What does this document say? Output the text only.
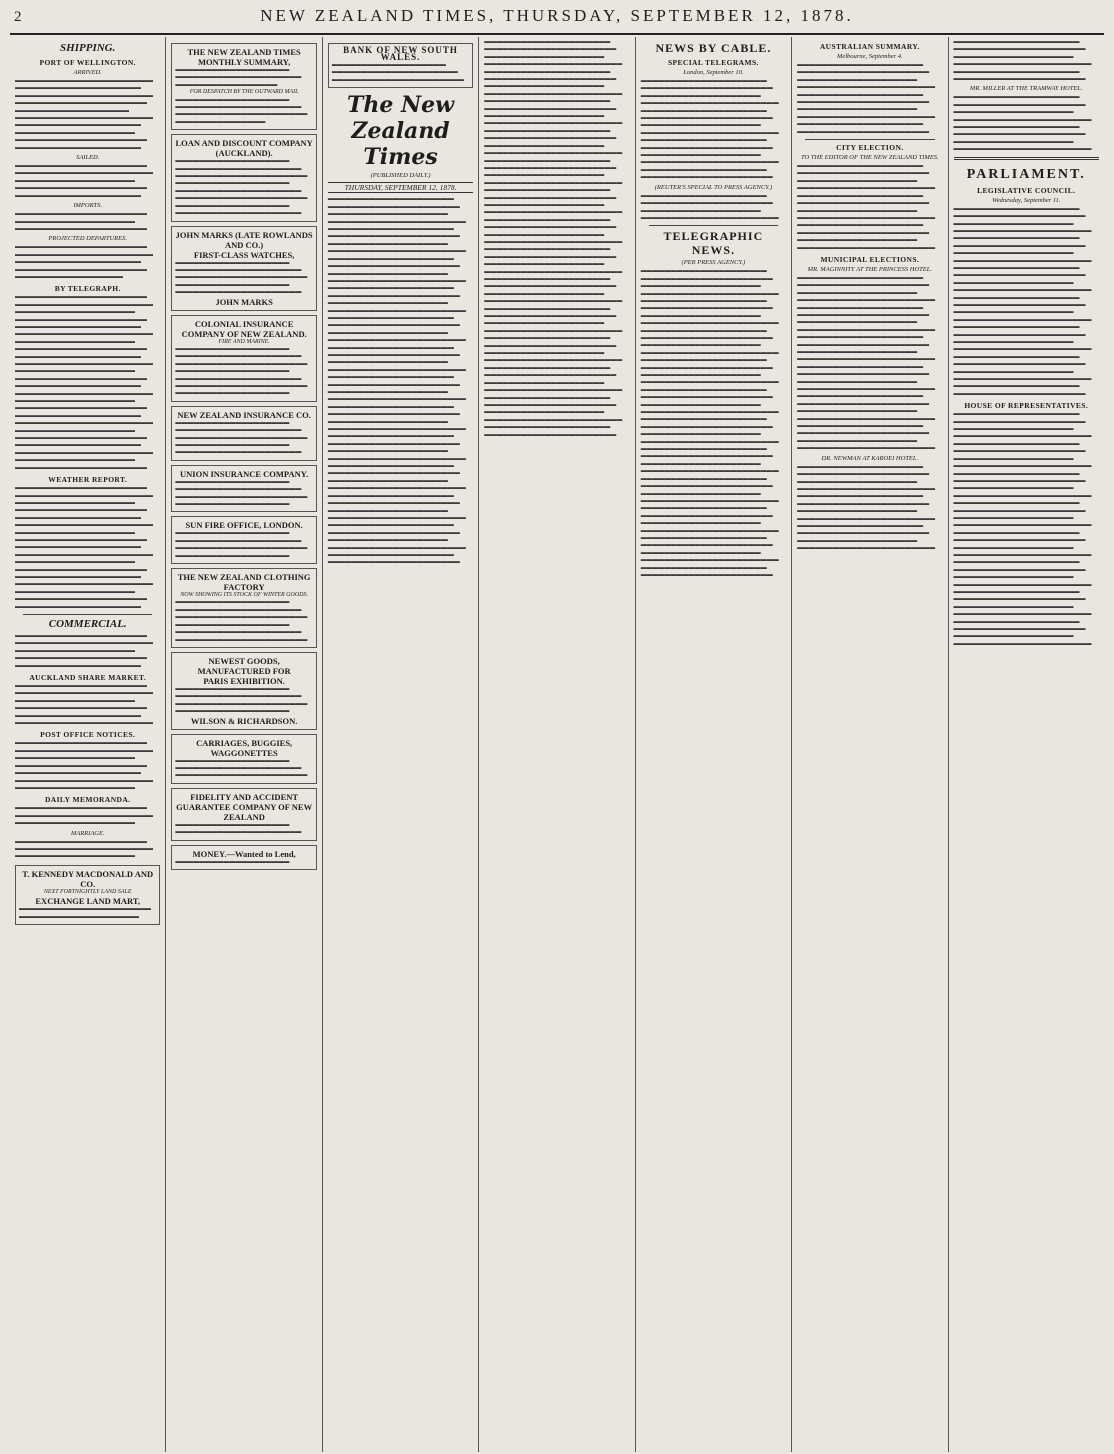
2	NEW ZEALAND TIMES, THURSDAY, SEPTEMBER 12, 1878.
SHIPPING.
PORT OF WELLINGTON.
ARRIVED.
▬▬▬▬▬▬▬▬▬▬▬▬▬▬▬▬▬▬▬▬▬▬▬ ▬▬▬▬▬▬▬▬▬▬▬▬▬▬▬▬▬▬▬▬▬ ▬▬▬▬▬▬▬▬▬▬▬▬▬▬▬▬▬▬▬▬▬▬▬ ▬▬▬▬▬▬▬▬▬▬▬▬▬▬▬▬▬▬▬▬▬▬ ▬▬▬▬▬▬▬▬▬▬▬▬▬▬▬▬▬▬▬ ▬▬▬▬▬▬▬▬▬▬▬▬▬▬▬▬▬▬▬▬▬▬▬ ▬▬▬▬▬▬▬▬▬▬▬▬▬▬▬▬▬▬▬▬▬ ▬▬▬▬▬▬▬▬▬▬▬▬▬▬▬▬▬▬▬▬ ▬▬▬▬▬▬▬▬▬▬▬▬▬▬▬▬▬▬▬▬▬▬ ▬▬▬▬▬▬▬▬▬▬▬▬▬▬▬▬▬▬▬▬▬
SAILED.
▬▬▬▬▬▬▬▬▬▬▬▬▬▬▬▬▬▬▬▬▬▬ ▬▬▬▬▬▬▬▬▬▬▬▬▬▬▬▬▬▬▬▬▬▬▬ ▬▬▬▬▬▬▬▬▬▬▬▬▬▬▬▬▬▬▬▬ ▬▬▬▬▬▬▬▬▬▬▬▬▬▬▬▬▬▬▬▬▬▬ ▬▬▬▬▬▬▬▬▬▬▬▬▬▬▬▬▬▬▬▬▬
IMPORTS.
▬▬▬▬▬▬▬▬▬▬▬▬▬▬▬▬▬▬▬▬▬▬ ▬▬▬▬▬▬▬▬▬▬▬▬▬▬▬▬▬▬▬▬ ▬▬▬▬▬▬▬▬▬▬▬▬▬▬▬▬▬▬▬▬▬▬
PROJECTED DEPARTURES.
▬▬▬▬▬▬▬▬▬▬▬▬▬▬▬▬▬▬▬▬▬▬ ▬▬▬▬▬▬▬▬▬▬▬▬▬▬▬▬▬▬▬▬▬▬▬ ▬▬▬▬▬▬▬▬▬▬▬▬▬▬▬▬▬▬▬▬▬ ▬▬▬▬▬▬▬▬▬▬▬▬▬▬▬▬▬▬▬▬▬▬ ▬▬▬▬▬▬▬▬▬▬▬▬▬▬▬▬▬▬
BY TELEGRAPH.
▬▬▬▬▬▬▬▬▬▬▬▬▬▬▬▬▬▬▬▬▬▬ ▬▬▬▬▬▬▬▬▬▬▬▬▬▬▬▬▬▬▬▬▬▬▬ ▬▬▬▬▬▬▬▬▬▬▬▬▬▬▬▬▬▬▬▬ ▬▬▬▬▬▬▬▬▬▬▬▬▬▬▬▬▬▬▬▬▬▬ ▬▬▬▬▬▬▬▬▬▬▬▬▬▬▬▬▬▬▬▬▬ ▬▬▬▬▬▬▬▬▬▬▬▬▬▬▬▬▬▬▬▬▬▬▬ ▬▬▬▬▬▬▬▬▬▬▬▬▬▬▬▬▬▬▬▬ ▬▬▬▬▬▬▬▬▬▬▬▬▬▬▬▬▬▬▬▬▬▬ ▬▬▬▬▬▬▬▬▬▬▬▬▬▬▬▬▬▬▬▬▬ ▬▬▬▬▬▬▬▬▬▬▬▬▬▬▬▬▬▬▬▬▬▬▬ ▬▬▬▬▬▬▬▬▬▬▬▬▬▬▬▬▬▬▬▬ ▬▬▬▬▬▬▬▬▬▬▬▬▬▬▬▬▬▬▬▬▬▬ ▬▬▬▬▬▬▬▬▬▬▬▬▬▬▬▬▬▬▬▬▬ ▬▬▬▬▬▬▬▬▬▬▬▬▬▬▬▬▬▬▬▬▬▬▬ ▬▬▬▬▬▬▬▬▬▬▬▬▬▬▬▬▬▬▬▬ ▬▬▬▬▬▬▬▬▬▬▬▬▬▬▬▬▬▬▬▬▬▬ ▬▬▬▬▬▬▬▬▬▬▬▬▬▬▬▬▬▬▬▬▬ ▬▬▬▬▬▬▬▬▬▬▬▬▬▬▬▬▬▬▬▬▬▬▬ ▬▬▬▬▬▬▬▬▬▬▬▬▬▬▬▬▬▬▬▬ ▬▬▬▬▬▬▬▬▬▬▬▬▬▬▬▬▬▬▬▬▬▬ ▬▬▬▬▬▬▬▬▬▬▬▬▬▬▬▬▬▬▬▬▬ ▬▬▬▬▬▬▬▬▬▬▬▬▬▬▬▬▬▬▬▬▬▬▬ ▬▬▬▬▬▬▬▬▬▬▬▬▬▬▬▬▬▬▬▬ ▬▬▬▬▬▬▬▬▬▬▬▬▬▬▬▬▬▬▬▬▬▬
WEATHER REPORT.
▬▬▬▬▬▬▬▬▬▬▬▬▬▬▬▬▬▬▬▬▬▬ ▬▬▬▬▬▬▬▬▬▬▬▬▬▬▬▬▬▬▬▬▬▬▬ ▬▬▬▬▬▬▬▬▬▬▬▬▬▬▬▬▬▬▬▬ ▬▬▬▬▬▬▬▬▬▬▬▬▬▬▬▬▬▬▬▬▬▬ ▬▬▬▬▬▬▬▬▬▬▬▬▬▬▬▬▬▬▬▬▬ ▬▬▬▬▬▬▬▬▬▬▬▬▬▬▬▬▬▬▬▬▬▬▬ ▬▬▬▬▬▬▬▬▬▬▬▬▬▬▬▬▬▬▬▬ ▬▬▬▬▬▬▬▬▬▬▬▬▬▬▬▬▬▬▬▬▬▬ ▬▬▬▬▬▬▬▬▬▬▬▬▬▬▬▬▬▬▬▬▬ ▬▬▬▬▬▬▬▬▬▬▬▬▬▬▬▬▬▬▬▬▬▬▬ ▬▬▬▬▬▬▬▬▬▬▬▬▬▬▬▬▬▬▬▬ ▬▬▬▬▬▬▬▬▬▬▬▬▬▬▬▬▬▬▬▬▬▬ ▬▬▬▬▬▬▬▬▬▬▬▬▬▬▬▬▬▬▬▬▬ ▬▬▬▬▬▬▬▬▬▬▬▬▬▬▬▬▬▬▬▬▬▬▬ ▬▬▬▬▬▬▬▬▬▬▬▬▬▬▬▬▬▬▬▬ ▬▬▬▬▬▬▬▬▬▬▬▬▬▬▬▬▬▬▬▬▬▬ ▬▬▬▬▬▬▬▬▬▬▬▬▬▬▬▬▬▬▬▬▬
COMMERCIAL.
▬▬▬▬▬▬▬▬▬▬▬▬▬▬▬▬▬▬▬▬▬▬ ▬▬▬▬▬▬▬▬▬▬▬▬▬▬▬▬▬▬▬▬▬▬▬ ▬▬▬▬▬▬▬▬▬▬▬▬▬▬▬▬▬▬▬▬ ▬▬▬▬▬▬▬▬▬▬▬▬▬▬▬▬▬▬▬▬▬▬ ▬▬▬▬▬▬▬▬▬▬▬▬▬▬▬▬▬▬▬▬▬
AUCKLAND SHARE MARKET.
▬▬▬▬▬▬▬▬▬▬▬▬▬▬▬▬▬▬▬▬▬▬ ▬▬▬▬▬▬▬▬▬▬▬▬▬▬▬▬▬▬▬▬▬▬▬ ▬▬▬▬▬▬▬▬▬▬▬▬▬▬▬▬▬▬▬▬ ▬▬▬▬▬▬▬▬▬▬▬▬▬▬▬▬▬▬▬▬▬▬ ▬▬▬▬▬▬▬▬▬▬▬▬▬▬▬▬▬▬▬▬▬ ▬▬▬▬▬▬▬▬▬▬▬▬▬▬▬▬▬▬▬▬▬▬▬
POST OFFICE NOTICES.
▬▬▬▬▬▬▬▬▬▬▬▬▬▬▬▬▬▬▬▬▬▬ ▬▬▬▬▬▬▬▬▬▬▬▬▬▬▬▬▬▬▬▬▬▬▬ ▬▬▬▬▬▬▬▬▬▬▬▬▬▬▬▬▬▬▬▬ ▬▬▬▬▬▬▬▬▬▬▬▬▬▬▬▬▬▬▬▬▬▬ ▬▬▬▬▬▬▬▬▬▬▬▬▬▬▬▬▬▬▬▬▬ ▬▬▬▬▬▬▬▬▬▬▬▬▬▬▬▬▬▬▬▬▬▬▬ ▬▬▬▬▬▬▬▬▬▬▬▬▬▬▬▬▬▬▬▬
DAILY MEMORANDA.
▬▬▬▬▬▬▬▬▬▬▬▬▬▬▬▬▬▬▬▬▬▬ ▬▬▬▬▬▬▬▬▬▬▬▬▬▬▬▬▬▬▬▬▬▬▬ ▬▬▬▬▬▬▬▬▬▬▬▬▬▬▬▬▬▬▬▬
MARRIAGE.
▬▬▬▬▬▬▬▬▬▬▬▬▬▬▬▬▬▬▬▬▬▬ ▬▬▬▬▬▬▬▬▬▬▬▬▬▬▬▬▬▬▬▬▬▬▬ ▬▬▬▬▬▬▬▬▬▬▬▬▬▬▬▬▬▬▬▬
T. KENNEDY MACDONALD AND CO.
NEXT FORTNIGHTLY LAND SALE
EXCHANGE LAND MART,
▬▬▬▬▬▬▬▬▬▬▬▬▬▬▬▬▬▬▬▬▬▬ ▬▬▬▬▬▬▬▬▬▬▬▬▬▬▬▬▬▬▬▬
THE NEW ZEALAND TIMES MONTHLY SUMMARY,
▬▬▬▬▬▬▬▬▬▬▬▬▬▬▬▬▬▬▬ ▬▬▬▬▬▬▬▬▬▬▬▬▬▬▬▬▬▬▬▬▬ ▬▬▬▬▬▬▬▬▬▬▬▬▬▬▬▬▬
FOR DESPATCH BY THE OUTWARD MAIL
▬▬▬▬▬▬▬▬▬▬▬▬▬▬▬▬▬▬▬ ▬▬▬▬▬▬▬▬▬▬▬▬▬▬▬▬▬▬▬▬▬ ▬▬▬▬▬▬▬▬▬▬▬▬▬▬▬▬▬▬▬▬▬▬ ▬▬▬▬▬▬▬▬▬▬▬▬▬▬▬
LOAN AND DISCOUNT COMPANY (AUCKLAND).
▬▬▬▬▬▬▬▬▬▬▬▬▬▬▬▬▬▬▬ ▬▬▬▬▬▬▬▬▬▬▬▬▬▬▬▬▬▬▬▬▬ ▬▬▬▬▬▬▬▬▬▬▬▬▬▬▬▬▬▬▬▬▬▬ ▬▬▬▬▬▬▬▬▬▬▬▬▬▬▬▬▬▬▬ ▬▬▬▬▬▬▬▬▬▬▬▬▬▬▬▬▬▬▬▬▬ ▬▬▬▬▬▬▬▬▬▬▬▬▬▬▬▬▬▬▬▬▬▬ ▬▬▬▬▬▬▬▬▬▬▬▬▬▬▬▬▬▬▬ ▬▬▬▬▬▬▬▬▬▬▬▬▬▬▬▬▬▬▬▬▬
JOHN MARKS (LATE ROWLANDS AND CO.)
FIRST-CLASS WATCHES,
▬▬▬▬▬▬▬▬▬▬▬▬▬▬▬▬▬▬▬ ▬▬▬▬▬▬▬▬▬▬▬▬▬▬▬▬▬▬▬▬▬ ▬▬▬▬▬▬▬▬▬▬▬▬▬▬▬▬▬▬▬▬▬▬ ▬▬▬▬▬▬▬▬▬▬▬▬▬▬▬▬▬▬▬ ▬▬▬▬▬▬▬▬▬▬▬▬▬▬▬▬▬▬▬▬▬
JOHN MARKS
COLONIAL INSURANCE COMPANY OF NEW ZEALAND.
FIRE AND MARINE.
▬▬▬▬▬▬▬▬▬▬▬▬▬▬▬▬▬▬▬ ▬▬▬▬▬▬▬▬▬▬▬▬▬▬▬▬▬▬▬▬▬ ▬▬▬▬▬▬▬▬▬▬▬▬▬▬▬▬▬▬▬▬▬▬ ▬▬▬▬▬▬▬▬▬▬▬▬▬▬▬▬▬▬▬ ▬▬▬▬▬▬▬▬▬▬▬▬▬▬▬▬▬▬▬▬▬ ▬▬▬▬▬▬▬▬▬▬▬▬▬▬▬▬▬▬▬▬▬▬ ▬▬▬▬▬▬▬▬▬▬▬▬▬▬▬▬▬▬▬
NEW ZEALAND INSURANCE CO.
▬▬▬▬▬▬▬▬▬▬▬▬▬▬▬▬▬▬▬ ▬▬▬▬▬▬▬▬▬▬▬▬▬▬▬▬▬▬▬▬▬ ▬▬▬▬▬▬▬▬▬▬▬▬▬▬▬▬▬▬▬▬▬▬ ▬▬▬▬▬▬▬▬▬▬▬▬▬▬▬▬▬▬▬ ▬▬▬▬▬▬▬▬▬▬▬▬▬▬▬▬▬▬▬▬▬
UNION INSURANCE COMPANY.
▬▬▬▬▬▬▬▬▬▬▬▬▬▬▬▬▬▬▬ ▬▬▬▬▬▬▬▬▬▬▬▬▬▬▬▬▬▬▬▬▬ ▬▬▬▬▬▬▬▬▬▬▬▬▬▬▬▬▬▬▬▬▬▬ ▬▬▬▬▬▬▬▬▬▬▬▬▬▬▬▬▬▬▬
SUN FIRE OFFICE, LONDON.
▬▬▬▬▬▬▬▬▬▬▬▬▬▬▬▬▬▬▬ ▬▬▬▬▬▬▬▬▬▬▬▬▬▬▬▬▬▬▬▬▬ ▬▬▬▬▬▬▬▬▬▬▬▬▬▬▬▬▬▬▬▬▬▬ ▬▬▬▬▬▬▬▬▬▬▬▬▬▬▬▬▬▬▬
THE NEW ZEALAND CLOTHING FACTORY
NOW SHOWING ITS STOCK OF WINTER GOODS.
▬▬▬▬▬▬▬▬▬▬▬▬▬▬▬▬▬▬▬ ▬▬▬▬▬▬▬▬▬▬▬▬▬▬▬▬▬▬▬▬▬ ▬▬▬▬▬▬▬▬▬▬▬▬▬▬▬▬▬▬▬▬▬▬ ▬▬▬▬▬▬▬▬▬▬▬▬▬▬▬▬▬▬▬ ▬▬▬▬▬▬▬▬▬▬▬▬▬▬▬▬▬▬▬▬▬ ▬▬▬▬▬▬▬▬▬▬▬▬▬▬▬▬▬▬▬▬▬▬
NEWEST GOODS, MANUFACTURED FOR
PARIS EXHIBITION.
▬▬▬▬▬▬▬▬▬▬▬▬▬▬▬▬▬▬▬ ▬▬▬▬▬▬▬▬▬▬▬▬▬▬▬▬▬▬▬▬▬ ▬▬▬▬▬▬▬▬▬▬▬▬▬▬▬▬▬▬▬▬▬▬ ▬▬▬▬▬▬▬▬▬▬▬▬▬▬▬▬▬▬▬
WILSON & RICHARDSON.
CARRIAGES, BUGGIES, WAGGONETTES
▬▬▬▬▬▬▬▬▬▬▬▬▬▬▬▬▬▬▬ ▬▬▬▬▬▬▬▬▬▬▬▬▬▬▬▬▬▬▬▬▬ ▬▬▬▬▬▬▬▬▬▬▬▬▬▬▬▬▬▬▬▬▬▬
FIDELITY AND ACCIDENT GUARANTEE COMPANY OF NEW ZEALAND
▬▬▬▬▬▬▬▬▬▬▬▬▬▬▬▬▬▬▬ ▬▬▬▬▬▬▬▬▬▬▬▬▬▬▬▬▬▬▬▬▬
MONEY.—Wanted to Lend,
▬▬▬▬▬▬▬▬▬▬▬▬▬▬▬▬▬▬▬
BANK OF NEW SOUTH WALES.
▬▬▬▬▬▬▬▬▬▬▬▬▬▬▬▬▬▬▬ ▬▬▬▬▬▬▬▬▬▬▬▬▬▬▬▬▬▬▬▬▬ ▬▬▬▬▬▬▬▬▬▬▬▬▬▬▬▬▬▬▬▬▬▬
The New Zealand Times
(PUBLISHED DAILY.)
THURSDAY, SEPTEMBER 12, 1878.
▬▬▬▬▬▬▬▬▬▬▬▬▬▬▬▬▬▬▬▬▬ ▬▬▬▬▬▬▬▬▬▬▬▬▬▬▬▬▬▬▬▬▬▬ ▬▬▬▬▬▬▬▬▬▬▬▬▬▬▬▬▬▬▬▬ ▬▬▬▬▬▬▬▬▬▬▬▬▬▬▬▬▬▬▬▬▬▬▬ ▬▬▬▬▬▬▬▬▬▬▬▬▬▬▬▬▬▬▬▬▬ ▬▬▬▬▬▬▬▬▬▬▬▬▬▬▬▬▬▬▬▬▬▬ ▬▬▬▬▬▬▬▬▬▬▬▬▬▬▬▬▬▬▬▬ ▬▬▬▬▬▬▬▬▬▬▬▬▬▬▬▬▬▬▬▬▬▬▬ ▬▬▬▬▬▬▬▬▬▬▬▬▬▬▬▬▬▬▬▬▬ ▬▬▬▬▬▬▬▬▬▬▬▬▬▬▬▬▬▬▬▬▬▬ ▬▬▬▬▬▬▬▬▬▬▬▬▬▬▬▬▬▬▬▬ ▬▬▬▬▬▬▬▬▬▬▬▬▬▬▬▬▬▬▬▬▬▬▬ ▬▬▬▬▬▬▬▬▬▬▬▬▬▬▬▬▬▬▬▬▬ ▬▬▬▬▬▬▬▬▬▬▬▬▬▬▬▬▬▬▬▬▬▬ ▬▬▬▬▬▬▬▬▬▬▬▬▬▬▬▬▬▬▬▬ ▬▬▬▬▬▬▬▬▬▬▬▬▬▬▬▬▬▬▬▬▬▬▬ ▬▬▬▬▬▬▬▬▬▬▬▬▬▬▬▬▬▬▬▬▬ ▬▬▬▬▬▬▬▬▬▬▬▬▬▬▬▬▬▬▬▬▬▬ ▬▬▬▬▬▬▬▬▬▬▬▬▬▬▬▬▬▬▬▬ ▬▬▬▬▬▬▬▬▬▬▬▬▬▬▬▬▬▬▬▬▬▬▬ ▬▬▬▬▬▬▬▬▬▬▬▬▬▬▬▬▬▬▬▬▬ ▬▬▬▬▬▬▬▬▬▬▬▬▬▬▬▬▬▬▬▬▬▬ ▬▬▬▬▬▬▬▬▬▬▬▬▬▬▬▬▬▬▬▬ ▬▬▬▬▬▬▬▬▬▬▬▬▬▬▬▬▬▬▬▬▬▬▬ ▬▬▬▬▬▬▬▬▬▬▬▬▬▬▬▬▬▬▬▬▬ ▬▬▬▬▬▬▬▬▬▬▬▬▬▬▬▬▬▬▬▬▬▬ ▬▬▬▬▬▬▬▬▬▬▬▬▬▬▬▬▬▬▬▬ ▬▬▬▬▬▬▬▬▬▬▬▬▬▬▬▬▬▬▬▬▬▬▬ ▬▬▬▬▬▬▬▬▬▬▬▬▬▬▬▬▬▬▬▬▬ ▬▬▬▬▬▬▬▬▬▬▬▬▬▬▬▬▬▬▬▬▬▬ ▬▬▬▬▬▬▬▬▬▬▬▬▬▬▬▬▬▬▬▬ ▬▬▬▬▬▬▬▬▬▬▬▬▬▬▬▬▬▬▬▬▬▬▬ ▬▬▬▬▬▬▬▬▬▬▬▬▬▬▬▬▬▬▬▬▬ ▬▬▬▬▬▬▬▬▬▬▬▬▬▬▬▬▬▬▬▬▬▬ ▬▬▬▬▬▬▬▬▬▬▬▬▬▬▬▬▬▬▬▬ ▬▬▬▬▬▬▬▬▬▬▬▬▬▬▬▬▬▬▬▬▬▬▬ ▬▬▬▬▬▬▬▬▬▬▬▬▬▬▬▬▬▬▬▬▬ ▬▬▬▬▬▬▬▬▬▬▬▬▬▬▬▬▬▬▬▬▬▬ ▬▬▬▬▬▬▬▬▬▬▬▬▬▬▬▬▬▬▬▬ ▬▬▬▬▬▬▬▬▬▬▬▬▬▬▬▬▬▬▬▬▬▬▬ ▬▬▬▬▬▬▬▬▬▬▬▬▬▬▬▬▬▬▬▬▬ ▬▬▬▬▬▬▬▬▬▬▬▬▬▬▬▬▬▬▬▬▬▬ ▬▬▬▬▬▬▬▬▬▬▬▬▬▬▬▬▬▬▬▬ ▬▬▬▬▬▬▬▬▬▬▬▬▬▬▬▬▬▬▬▬▬▬▬ ▬▬▬▬▬▬▬▬▬▬▬▬▬▬▬▬▬▬▬▬▬ ▬▬▬▬▬▬▬▬▬▬▬▬▬▬▬▬▬▬▬▬▬▬ ▬▬▬▬▬▬▬▬▬▬▬▬▬▬▬▬▬▬▬▬ ▬▬▬▬▬▬▬▬▬▬▬▬▬▬▬▬▬▬▬▬▬▬▬ ▬▬▬▬▬▬▬▬▬▬▬▬▬▬▬▬▬▬▬▬▬ ▬▬▬▬▬▬▬▬▬▬▬▬▬▬▬▬▬▬▬▬▬▬
▬▬▬▬▬▬▬▬▬▬▬▬▬▬▬▬▬▬▬▬▬ ▬▬▬▬▬▬▬▬▬▬▬▬▬▬▬▬▬▬▬▬▬▬ ▬▬▬▬▬▬▬▬▬▬▬▬▬▬▬▬▬▬▬▬ ▬▬▬▬▬▬▬▬▬▬▬▬▬▬▬▬▬▬▬▬▬▬▬ ▬▬▬▬▬▬▬▬▬▬▬▬▬▬▬▬▬▬▬▬▬ ▬▬▬▬▬▬▬▬▬▬▬▬▬▬▬▬▬▬▬▬▬▬ ▬▬▬▬▬▬▬▬▬▬▬▬▬▬▬▬▬▬▬▬ ▬▬▬▬▬▬▬▬▬▬▬▬▬▬▬▬▬▬▬▬▬▬▬ ▬▬▬▬▬▬▬▬▬▬▬▬▬▬▬▬▬▬▬▬▬ ▬▬▬▬▬▬▬▬▬▬▬▬▬▬▬▬▬▬▬▬▬▬ ▬▬▬▬▬▬▬▬▬▬▬▬▬▬▬▬▬▬▬▬ ▬▬▬▬▬▬▬▬▬▬▬▬▬▬▬▬▬▬▬▬▬▬▬ ▬▬▬▬▬▬▬▬▬▬▬▬▬▬▬▬▬▬▬▬▬ ▬▬▬▬▬▬▬▬▬▬▬▬▬▬▬▬▬▬▬▬▬▬ ▬▬▬▬▬▬▬▬▬▬▬▬▬▬▬▬▬▬▬▬ ▬▬▬▬▬▬▬▬▬▬▬▬▬▬▬▬▬▬▬▬▬▬▬ ▬▬▬▬▬▬▬▬▬▬▬▬▬▬▬▬▬▬▬▬▬ ▬▬▬▬▬▬▬▬▬▬▬▬▬▬▬▬▬▬▬▬▬▬ ▬▬▬▬▬▬▬▬▬▬▬▬▬▬▬▬▬▬▬▬ ▬▬▬▬▬▬▬▬▬▬▬▬▬▬▬▬▬▬▬▬▬▬▬ ▬▬▬▬▬▬▬▬▬▬▬▬▬▬▬▬▬▬▬▬▬ ▬▬▬▬▬▬▬▬▬▬▬▬▬▬▬▬▬▬▬▬▬▬ ▬▬▬▬▬▬▬▬▬▬▬▬▬▬▬▬▬▬▬▬ ▬▬▬▬▬▬▬▬▬▬▬▬▬▬▬▬▬▬▬▬▬▬▬ ▬▬▬▬▬▬▬▬▬▬▬▬▬▬▬▬▬▬▬▬▬ ▬▬▬▬▬▬▬▬▬▬▬▬▬▬▬▬▬▬▬▬▬▬ ▬▬▬▬▬▬▬▬▬▬▬▬▬▬▬▬▬▬▬▬ ▬▬▬▬▬▬▬▬▬▬▬▬▬▬▬▬▬▬▬▬▬▬▬ ▬▬▬▬▬▬▬▬▬▬▬▬▬▬▬▬▬▬▬▬▬ ▬▬▬▬▬▬▬▬▬▬▬▬▬▬▬▬▬▬▬▬▬▬ ▬▬▬▬▬▬▬▬▬▬▬▬▬▬▬▬▬▬▬▬ ▬▬▬▬▬▬▬▬▬▬▬▬▬▬▬▬▬▬▬▬▬▬▬ ▬▬▬▬▬▬▬▬▬▬▬▬▬▬▬▬▬▬▬▬▬ ▬▬▬▬▬▬▬▬▬▬▬▬▬▬▬▬▬▬▬▬▬▬ ▬▬▬▬▬▬▬▬▬▬▬▬▬▬▬▬▬▬▬▬ ▬▬▬▬▬▬▬▬▬▬▬▬▬▬▬▬▬▬▬▬▬▬▬ ▬▬▬▬▬▬▬▬▬▬▬▬▬▬▬▬▬▬▬▬▬ ▬▬▬▬▬▬▬▬▬▬▬▬▬▬▬▬▬▬▬▬▬▬ ▬▬▬▬▬▬▬▬▬▬▬▬▬▬▬▬▬▬▬▬ ▬▬▬▬▬▬▬▬▬▬▬▬▬▬▬▬▬▬▬▬▬▬▬ ▬▬▬▬▬▬▬▬▬▬▬▬▬▬▬▬▬▬▬▬▬ ▬▬▬▬▬▬▬▬▬▬▬▬▬▬▬▬▬▬▬▬▬▬ ▬▬▬▬▬▬▬▬▬▬▬▬▬▬▬▬▬▬▬▬ ▬▬▬▬▬▬▬▬▬▬▬▬▬▬▬▬▬▬▬▬▬▬▬ ▬▬▬▬▬▬▬▬▬▬▬▬▬▬▬▬▬▬▬▬▬ ▬▬▬▬▬▬▬▬▬▬▬▬▬▬▬▬▬▬▬▬▬▬ ▬▬▬▬▬▬▬▬▬▬▬▬▬▬▬▬▬▬▬▬ ▬▬▬▬▬▬▬▬▬▬▬▬▬▬▬▬▬▬▬▬▬▬▬ ▬▬▬▬▬▬▬▬▬▬▬▬▬▬▬▬▬▬▬▬▬ ▬▬▬▬▬▬▬▬▬▬▬▬▬▬▬▬▬▬▬▬▬▬ ▬▬▬▬▬▬▬▬▬▬▬▬▬▬▬▬▬▬▬▬ ▬▬▬▬▬▬▬▬▬▬▬▬▬▬▬▬▬▬▬▬▬▬▬ ▬▬▬▬▬▬▬▬▬▬▬▬▬▬▬▬▬▬▬▬▬ ▬▬▬▬▬▬▬▬▬▬▬▬▬▬▬▬▬▬▬▬▬▬
NEWS BY CABLE.
SPECIAL TELEGRAMS.
London, September 10.
▬▬▬▬▬▬▬▬▬▬▬▬▬▬▬▬▬▬▬▬▬ ▬▬▬▬▬▬▬▬▬▬▬▬▬▬▬▬▬▬▬▬▬▬ ▬▬▬▬▬▬▬▬▬▬▬▬▬▬▬▬▬▬▬▬ ▬▬▬▬▬▬▬▬▬▬▬▬▬▬▬▬▬▬▬▬▬▬▬ ▬▬▬▬▬▬▬▬▬▬▬▬▬▬▬▬▬▬▬▬▬ ▬▬▬▬▬▬▬▬▬▬▬▬▬▬▬▬▬▬▬▬▬▬ ▬▬▬▬▬▬▬▬▬▬▬▬▬▬▬▬▬▬▬▬ ▬▬▬▬▬▬▬▬▬▬▬▬▬▬▬▬▬▬▬▬▬▬▬ ▬▬▬▬▬▬▬▬▬▬▬▬▬▬▬▬▬▬▬▬▬ ▬▬▬▬▬▬▬▬▬▬▬▬▬▬▬▬▬▬▬▬▬▬ ▬▬▬▬▬▬▬▬▬▬▬▬▬▬▬▬▬▬▬▬ ▬▬▬▬▬▬▬▬▬▬▬▬▬▬▬▬▬▬▬▬▬▬▬ ▬▬▬▬▬▬▬▬▬▬▬▬▬▬▬▬▬▬▬▬▬ ▬▬▬▬▬▬▬▬▬▬▬▬▬▬▬▬▬▬▬▬▬▬
(REUTER'S SPECIAL TO PRESS AGENCY.)
▬▬▬▬▬▬▬▬▬▬▬▬▬▬▬▬▬▬▬▬▬ ▬▬▬▬▬▬▬▬▬▬▬▬▬▬▬▬▬▬▬▬▬▬ ▬▬▬▬▬▬▬▬▬▬▬▬▬▬▬▬▬▬▬▬ ▬▬▬▬▬▬▬▬▬▬▬▬▬▬▬▬▬▬▬▬▬▬▬
TELEGRAPHIC NEWS.
(PER PRESS AGENCY.)
▬▬▬▬▬▬▬▬▬▬▬▬▬▬▬▬▬▬▬▬▬ ▬▬▬▬▬▬▬▬▬▬▬▬▬▬▬▬▬▬▬▬▬▬ ▬▬▬▬▬▬▬▬▬▬▬▬▬▬▬▬▬▬▬▬ ▬▬▬▬▬▬▬▬▬▬▬▬▬▬▬▬▬▬▬▬▬▬▬ ▬▬▬▬▬▬▬▬▬▬▬▬▬▬▬▬▬▬▬▬▬ ▬▬▬▬▬▬▬▬▬▬▬▬▬▬▬▬▬▬▬▬▬▬ ▬▬▬▬▬▬▬▬▬▬▬▬▬▬▬▬▬▬▬▬ ▬▬▬▬▬▬▬▬▬▬▬▬▬▬▬▬▬▬▬▬▬▬▬ ▬▬▬▬▬▬▬▬▬▬▬▬▬▬▬▬▬▬▬▬▬ ▬▬▬▬▬▬▬▬▬▬▬▬▬▬▬▬▬▬▬▬▬▬ ▬▬▬▬▬▬▬▬▬▬▬▬▬▬▬▬▬▬▬▬ ▬▬▬▬▬▬▬▬▬▬▬▬▬▬▬▬▬▬▬▬▬▬▬ ▬▬▬▬▬▬▬▬▬▬▬▬▬▬▬▬▬▬▬▬▬ ▬▬▬▬▬▬▬▬▬▬▬▬▬▬▬▬▬▬▬▬▬▬ ▬▬▬▬▬▬▬▬▬▬▬▬▬▬▬▬▬▬▬▬ ▬▬▬▬▬▬▬▬▬▬▬▬▬▬▬▬▬▬▬▬▬▬▬ ▬▬▬▬▬▬▬▬▬▬▬▬▬▬▬▬▬▬▬▬▬ ▬▬▬▬▬▬▬▬▬▬▬▬▬▬▬▬▬▬▬▬▬▬ ▬▬▬▬▬▬▬▬▬▬▬▬▬▬▬▬▬▬▬▬ ▬▬▬▬▬▬▬▬▬▬▬▬▬▬▬▬▬▬▬▬▬▬▬ ▬▬▬▬▬▬▬▬▬▬▬▬▬▬▬▬▬▬▬▬▬ ▬▬▬▬▬▬▬▬▬▬▬▬▬▬▬▬▬▬▬▬▬▬ ▬▬▬▬▬▬▬▬▬▬▬▬▬▬▬▬▬▬▬▬ ▬▬▬▬▬▬▬▬▬▬▬▬▬▬▬▬▬▬▬▬▬▬▬ ▬▬▬▬▬▬▬▬▬▬▬▬▬▬▬▬▬▬▬▬▬ ▬▬▬▬▬▬▬▬▬▬▬▬▬▬▬▬▬▬▬▬▬▬ ▬▬▬▬▬▬▬▬▬▬▬▬▬▬▬▬▬▬▬▬ ▬▬▬▬▬▬▬▬▬▬▬▬▬▬▬▬▬▬▬▬▬▬▬ ▬▬▬▬▬▬▬▬▬▬▬▬▬▬▬▬▬▬▬▬▬ ▬▬▬▬▬▬▬▬▬▬▬▬▬▬▬▬▬▬▬▬▬▬ ▬▬▬▬▬▬▬▬▬▬▬▬▬▬▬▬▬▬▬▬ ▬▬▬▬▬▬▬▬▬▬▬▬▬▬▬▬▬▬▬▬▬▬▬ ▬▬▬▬▬▬▬▬▬▬▬▬▬▬▬▬▬▬▬▬▬ ▬▬▬▬▬▬▬▬▬▬▬▬▬▬▬▬▬▬▬▬▬▬ ▬▬▬▬▬▬▬▬▬▬▬▬▬▬▬▬▬▬▬▬ ▬▬▬▬▬▬▬▬▬▬▬▬▬▬▬▬▬▬▬▬▬▬▬ ▬▬▬▬▬▬▬▬▬▬▬▬▬▬▬▬▬▬▬▬▬ ▬▬▬▬▬▬▬▬▬▬▬▬▬▬▬▬▬▬▬▬▬▬ ▬▬▬▬▬▬▬▬▬▬▬▬▬▬▬▬▬▬▬▬ ▬▬▬▬▬▬▬▬▬▬▬▬▬▬▬▬▬▬▬▬▬▬▬ ▬▬▬▬▬▬▬▬▬▬▬▬▬▬▬▬▬▬▬▬▬ ▬▬▬▬▬▬▬▬▬▬▬▬▬▬▬▬▬▬▬▬▬▬
AUSTRALIAN SUMMARY.
Melbourne, September 4.
▬▬▬▬▬▬▬▬▬▬▬▬▬▬▬▬▬▬▬▬▬ ▬▬▬▬▬▬▬▬▬▬▬▬▬▬▬▬▬▬▬▬▬▬ ▬▬▬▬▬▬▬▬▬▬▬▬▬▬▬▬▬▬▬▬ ▬▬▬▬▬▬▬▬▬▬▬▬▬▬▬▬▬▬▬▬▬▬▬ ▬▬▬▬▬▬▬▬▬▬▬▬▬▬▬▬▬▬▬▬▬ ▬▬▬▬▬▬▬▬▬▬▬▬▬▬▬▬▬▬▬▬▬▬ ▬▬▬▬▬▬▬▬▬▬▬▬▬▬▬▬▬▬▬▬ ▬▬▬▬▬▬▬▬▬▬▬▬▬▬▬▬▬▬▬▬▬▬▬ ▬▬▬▬▬▬▬▬▬▬▬▬▬▬▬▬▬▬▬▬▬ ▬▬▬▬▬▬▬▬▬▬▬▬▬▬▬▬▬▬▬▬▬▬
CITY ELECTION.
TO THE EDITOR OF THE NEW ZEALAND TIMES.
▬▬▬▬▬▬▬▬▬▬▬▬▬▬▬▬▬▬▬▬▬ ▬▬▬▬▬▬▬▬▬▬▬▬▬▬▬▬▬▬▬▬▬▬ ▬▬▬▬▬▬▬▬▬▬▬▬▬▬▬▬▬▬▬▬ ▬▬▬▬▬▬▬▬▬▬▬▬▬▬▬▬▬▬▬▬▬▬▬ ▬▬▬▬▬▬▬▬▬▬▬▬▬▬▬▬▬▬▬▬▬ ▬▬▬▬▬▬▬▬▬▬▬▬▬▬▬▬▬▬▬▬▬▬ ▬▬▬▬▬▬▬▬▬▬▬▬▬▬▬▬▬▬▬▬ ▬▬▬▬▬▬▬▬▬▬▬▬▬▬▬▬▬▬▬▬▬▬▬ ▬▬▬▬▬▬▬▬▬▬▬▬▬▬▬▬▬▬▬▬▬ ▬▬▬▬▬▬▬▬▬▬▬▬▬▬▬▬▬▬▬▬▬▬ ▬▬▬▬▬▬▬▬▬▬▬▬▬▬▬▬▬▬▬▬ ▬▬▬▬▬▬▬▬▬▬▬▬▬▬▬▬▬▬▬▬▬▬▬
MUNICIPAL ELECTIONS.
MR. MAGINNITY AT THE PRINCESS HOTEL.
▬▬▬▬▬▬▬▬▬▬▬▬▬▬▬▬▬▬▬▬▬ ▬▬▬▬▬▬▬▬▬▬▬▬▬▬▬▬▬▬▬▬▬▬ ▬▬▬▬▬▬▬▬▬▬▬▬▬▬▬▬▬▬▬▬ ▬▬▬▬▬▬▬▬▬▬▬▬▬▬▬▬▬▬▬▬▬▬▬ ▬▬▬▬▬▬▬▬▬▬▬▬▬▬▬▬▬▬▬▬▬ ▬▬▬▬▬▬▬▬▬▬▬▬▬▬▬▬▬▬▬▬▬▬ ▬▬▬▬▬▬▬▬▬▬▬▬▬▬▬▬▬▬▬▬ ▬▬▬▬▬▬▬▬▬▬▬▬▬▬▬▬▬▬▬▬▬▬▬ ▬▬▬▬▬▬▬▬▬▬▬▬▬▬▬▬▬▬▬▬▬ ▬▬▬▬▬▬▬▬▬▬▬▬▬▬▬▬▬▬▬▬▬▬ ▬▬▬▬▬▬▬▬▬▬▬▬▬▬▬▬▬▬▬▬ ▬▬▬▬▬▬▬▬▬▬▬▬▬▬▬▬▬▬▬▬▬▬▬ ▬▬▬▬▬▬▬▬▬▬▬▬▬▬▬▬▬▬▬▬▬ ▬▬▬▬▬▬▬▬▬▬▬▬▬▬▬▬▬▬▬▬▬▬ ▬▬▬▬▬▬▬▬▬▬▬▬▬▬▬▬▬▬▬▬ ▬▬▬▬▬▬▬▬▬▬▬▬▬▬▬▬▬▬▬▬▬▬▬ ▬▬▬▬▬▬▬▬▬▬▬▬▬▬▬▬▬▬▬▬▬ ▬▬▬▬▬▬▬▬▬▬▬▬▬▬▬▬▬▬▬▬▬▬ ▬▬▬▬▬▬▬▬▬▬▬▬▬▬▬▬▬▬▬▬ ▬▬▬▬▬▬▬▬▬▬▬▬▬▬▬▬▬▬▬▬▬▬▬ ▬▬▬▬▬▬▬▬▬▬▬▬▬▬▬▬▬▬▬▬▬ ▬▬▬▬▬▬▬▬▬▬▬▬▬▬▬▬▬▬▬▬▬▬ ▬▬▬▬▬▬▬▬▬▬▬▬▬▬▬▬▬▬▬▬ ▬▬▬▬▬▬▬▬▬▬▬▬▬▬▬▬▬▬▬▬▬▬▬
DR. NEWMAN AT KAROEI HOTEL.
▬▬▬▬▬▬▬▬▬▬▬▬▬▬▬▬▬▬▬▬▬ ▬▬▬▬▬▬▬▬▬▬▬▬▬▬▬▬▬▬▬▬▬▬ ▬▬▬▬▬▬▬▬▬▬▬▬▬▬▬▬▬▬▬▬ ▬▬▬▬▬▬▬▬▬▬▬▬▬▬▬▬▬▬▬▬▬▬▬ ▬▬▬▬▬▬▬▬▬▬▬▬▬▬▬▬▬▬▬▬▬ ▬▬▬▬▬▬▬▬▬▬▬▬▬▬▬▬▬▬▬▬▬▬ ▬▬▬▬▬▬▬▬▬▬▬▬▬▬▬▬▬▬▬▬ ▬▬▬▬▬▬▬▬▬▬▬▬▬▬▬▬▬▬▬▬▬▬▬ ▬▬▬▬▬▬▬▬▬▬▬▬▬▬▬▬▬▬▬▬▬ ▬▬▬▬▬▬▬▬▬▬▬▬▬▬▬▬▬▬▬▬▬▬ ▬▬▬▬▬▬▬▬▬▬▬▬▬▬▬▬▬▬▬▬ ▬▬▬▬▬▬▬▬▬▬▬▬▬▬▬▬▬▬▬▬▬▬▬
▬▬▬▬▬▬▬▬▬▬▬▬▬▬▬▬▬▬▬▬▬ ▬▬▬▬▬▬▬▬▬▬▬▬▬▬▬▬▬▬▬▬▬▬ ▬▬▬▬▬▬▬▬▬▬▬▬▬▬▬▬▬▬▬▬ ▬▬▬▬▬▬▬▬▬▬▬▬▬▬▬▬▬▬▬▬▬▬▬ ▬▬▬▬▬▬▬▬▬▬▬▬▬▬▬▬▬▬▬▬▬ ▬▬▬▬▬▬▬▬▬▬▬▬▬▬▬▬▬▬▬▬▬▬
MR. MILLER AT THE TRAMWAY HOTEL.
▬▬▬▬▬▬▬▬▬▬▬▬▬▬▬▬▬▬▬▬▬ ▬▬▬▬▬▬▬▬▬▬▬▬▬▬▬▬▬▬▬▬▬▬ ▬▬▬▬▬▬▬▬▬▬▬▬▬▬▬▬▬▬▬▬ ▬▬▬▬▬▬▬▬▬▬▬▬▬▬▬▬▬▬▬▬▬▬▬ ▬▬▬▬▬▬▬▬▬▬▬▬▬▬▬▬▬▬▬▬▬ ▬▬▬▬▬▬▬▬▬▬▬▬▬▬▬▬▬▬▬▬▬▬ ▬▬▬▬▬▬▬▬▬▬▬▬▬▬▬▬▬▬▬▬ ▬▬▬▬▬▬▬▬▬▬▬▬▬▬▬▬▬▬▬▬▬▬▬
PARLIAMENT.
LEGISLATIVE COUNCIL.
Wednesday, September 11.
▬▬▬▬▬▬▬▬▬▬▬▬▬▬▬▬▬▬▬▬▬ ▬▬▬▬▬▬▬▬▬▬▬▬▬▬▬▬▬▬▬▬▬▬ ▬▬▬▬▬▬▬▬▬▬▬▬▬▬▬▬▬▬▬▬ ▬▬▬▬▬▬▬▬▬▬▬▬▬▬▬▬▬▬▬▬▬▬▬ ▬▬▬▬▬▬▬▬▬▬▬▬▬▬▬▬▬▬▬▬▬ ▬▬▬▬▬▬▬▬▬▬▬▬▬▬▬▬▬▬▬▬▬▬ ▬▬▬▬▬▬▬▬▬▬▬▬▬▬▬▬▬▬▬▬ ▬▬▬▬▬▬▬▬▬▬▬▬▬▬▬▬▬▬▬▬▬▬▬ ▬▬▬▬▬▬▬▬▬▬▬▬▬▬▬▬▬▬▬▬▬ ▬▬▬▬▬▬▬▬▬▬▬▬▬▬▬▬▬▬▬▬▬▬ ▬▬▬▬▬▬▬▬▬▬▬▬▬▬▬▬▬▬▬▬ ▬▬▬▬▬▬▬▬▬▬▬▬▬▬▬▬▬▬▬▬▬▬▬ ▬▬▬▬▬▬▬▬▬▬▬▬▬▬▬▬▬▬▬▬▬ ▬▬▬▬▬▬▬▬▬▬▬▬▬▬▬▬▬▬▬▬▬▬ ▬▬▬▬▬▬▬▬▬▬▬▬▬▬▬▬▬▬▬▬ ▬▬▬▬▬▬▬▬▬▬▬▬▬▬▬▬▬▬▬▬▬▬▬ ▬▬▬▬▬▬▬▬▬▬▬▬▬▬▬▬▬▬▬▬▬ ▬▬▬▬▬▬▬▬▬▬▬▬▬▬▬▬▬▬▬▬▬▬ ▬▬▬▬▬▬▬▬▬▬▬▬▬▬▬▬▬▬▬▬ ▬▬▬▬▬▬▬▬▬▬▬▬▬▬▬▬▬▬▬▬▬▬▬ ▬▬▬▬▬▬▬▬▬▬▬▬▬▬▬▬▬▬▬▬▬ ▬▬▬▬▬▬▬▬▬▬▬▬▬▬▬▬▬▬▬▬▬▬ ▬▬▬▬▬▬▬▬▬▬▬▬▬▬▬▬▬▬▬▬ ▬▬▬▬▬▬▬▬▬▬▬▬▬▬▬▬▬▬▬▬▬▬▬ ▬▬▬▬▬▬▬▬▬▬▬▬▬▬▬▬▬▬▬▬▬ ▬▬▬▬▬▬▬▬▬▬▬▬▬▬▬▬▬▬▬▬▬▬
HOUSE OF REPRESENTATIVES.
▬▬▬▬▬▬▬▬▬▬▬▬▬▬▬▬▬▬▬▬▬ ▬▬▬▬▬▬▬▬▬▬▬▬▬▬▬▬▬▬▬▬▬▬ ▬▬▬▬▬▬▬▬▬▬▬▬▬▬▬▬▬▬▬▬ ▬▬▬▬▬▬▬▬▬▬▬▬▬▬▬▬▬▬▬▬▬▬▬ ▬▬▬▬▬▬▬▬▬▬▬▬▬▬▬▬▬▬▬▬▬ ▬▬▬▬▬▬▬▬▬▬▬▬▬▬▬▬▬▬▬▬▬▬ ▬▬▬▬▬▬▬▬▬▬▬▬▬▬▬▬▬▬▬▬ ▬▬▬▬▬▬▬▬▬▬▬▬▬▬▬▬▬▬▬▬▬▬▬ ▬▬▬▬▬▬▬▬▬▬▬▬▬▬▬▬▬▬▬▬▬ ▬▬▬▬▬▬▬▬▬▬▬▬▬▬▬▬▬▬▬▬▬▬ ▬▬▬▬▬▬▬▬▬▬▬▬▬▬▬▬▬▬▬▬ ▬▬▬▬▬▬▬▬▬▬▬▬▬▬▬▬▬▬▬▬▬▬▬ ▬▬▬▬▬▬▬▬▬▬▬▬▬▬▬▬▬▬▬▬▬ ▬▬▬▬▬▬▬▬▬▬▬▬▬▬▬▬▬▬▬▬▬▬ ▬▬▬▬▬▬▬▬▬▬▬▬▬▬▬▬▬▬▬▬ ▬▬▬▬▬▬▬▬▬▬▬▬▬▬▬▬▬▬▬▬▬▬▬ ▬▬▬▬▬▬▬▬▬▬▬▬▬▬▬▬▬▬▬▬▬ ▬▬▬▬▬▬▬▬▬▬▬▬▬▬▬▬▬▬▬▬▬▬ ▬▬▬▬▬▬▬▬▬▬▬▬▬▬▬▬▬▬▬▬ ▬▬▬▬▬▬▬▬▬▬▬▬▬▬▬▬▬▬▬▬▬▬▬ ▬▬▬▬▬▬▬▬▬▬▬▬▬▬▬▬▬▬▬▬▬ ▬▬▬▬▬▬▬▬▬▬▬▬▬▬▬▬▬▬▬▬▬▬ ▬▬▬▬▬▬▬▬▬▬▬▬▬▬▬▬▬▬▬▬ ▬▬▬▬▬▬▬▬▬▬▬▬▬▬▬▬▬▬▬▬▬▬▬ ▬▬▬▬▬▬▬▬▬▬▬▬▬▬▬▬▬▬▬▬▬ ▬▬▬▬▬▬▬▬▬▬▬▬▬▬▬▬▬▬▬▬▬▬ ▬▬▬▬▬▬▬▬▬▬▬▬▬▬▬▬▬▬▬▬ ▬▬▬▬▬▬▬▬▬▬▬▬▬▬▬▬▬▬▬▬▬▬▬ ▬▬▬▬▬▬▬▬▬▬▬▬▬▬▬▬▬▬▬▬▬ ▬▬▬▬▬▬▬▬▬▬▬▬▬▬▬▬▬▬▬▬▬▬ ▬▬▬▬▬▬▬▬▬▬▬▬▬▬▬▬▬▬▬▬ ▬▬▬▬▬▬▬▬▬▬▬▬▬▬▬▬▬▬▬▬▬▬▬
